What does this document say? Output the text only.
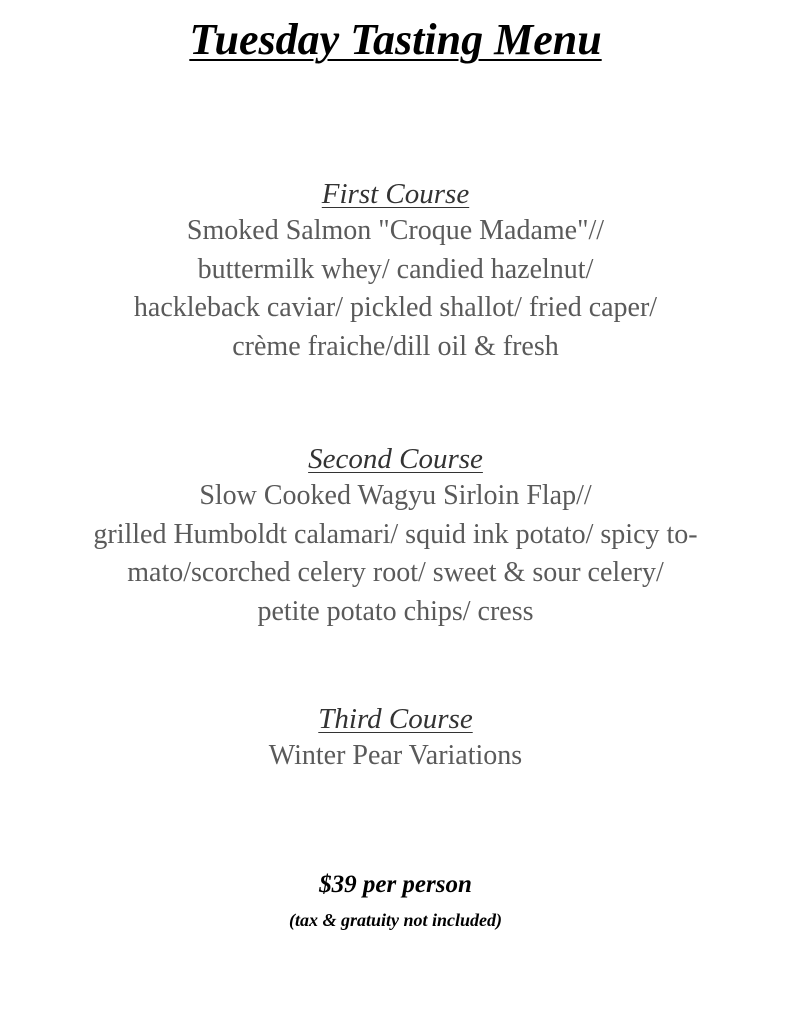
Tuesday Tasting Menu
First Course
Smoked Salmon "Croque Madame"//
buttermilk whey/ candied hazelnut/
hackleback caviar/ pickled shallot/ fried caper/
crème fraiche/dill oil & fresh
Second Course
Slow Cooked Wagyu Sirloin Flap//
grilled Humboldt calamari/ squid ink potato/ spicy to-
mato/scorched celery root/ sweet & sour celery/
petite potato chips/ cress
Third Course
Winter Pear Variations
$39 per person
(tax & gratuity not included)
